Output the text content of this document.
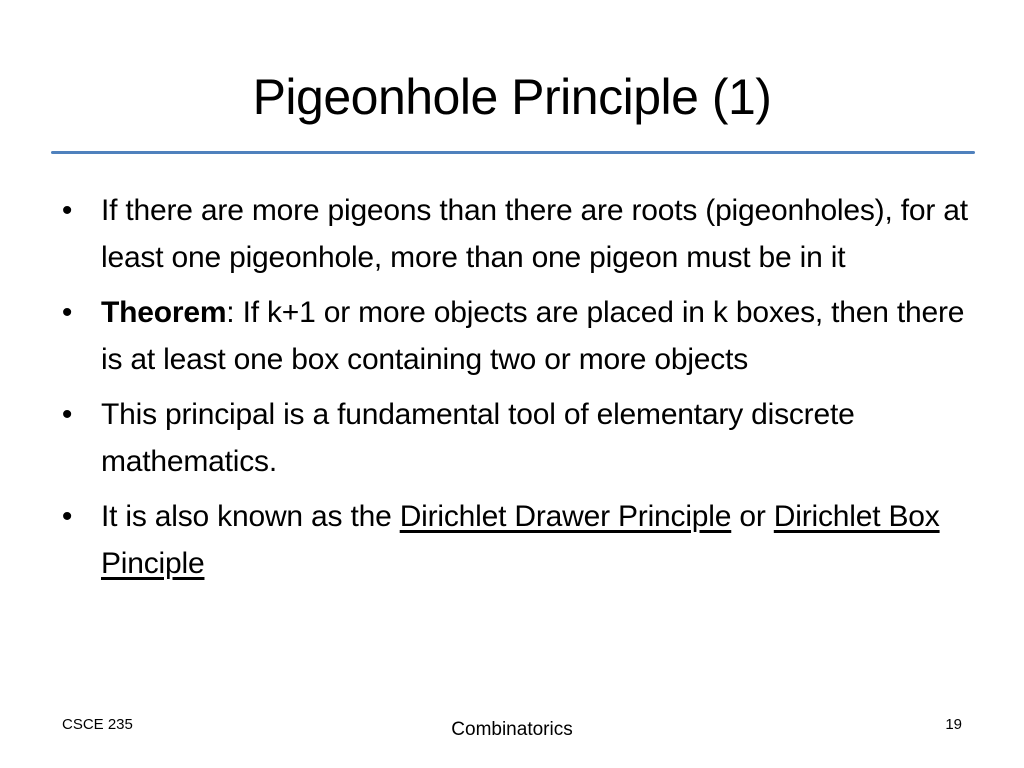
Pigeonhole Principle (1)
• If there are more pigeons than there are roots (pigeonholes), for at least one pigeonhole, more than one pigeon must be in it
• Theorem: If k+1 or more objects are placed in k boxes, then there is at least one box containing two or more objects
• This principal is a fundamental tool of elementary discrete mathematics.
• It is also known as the Dirichlet Drawer Principle or Dirichlet Box Pinciple
CSCE 235	Combinatorics	19
